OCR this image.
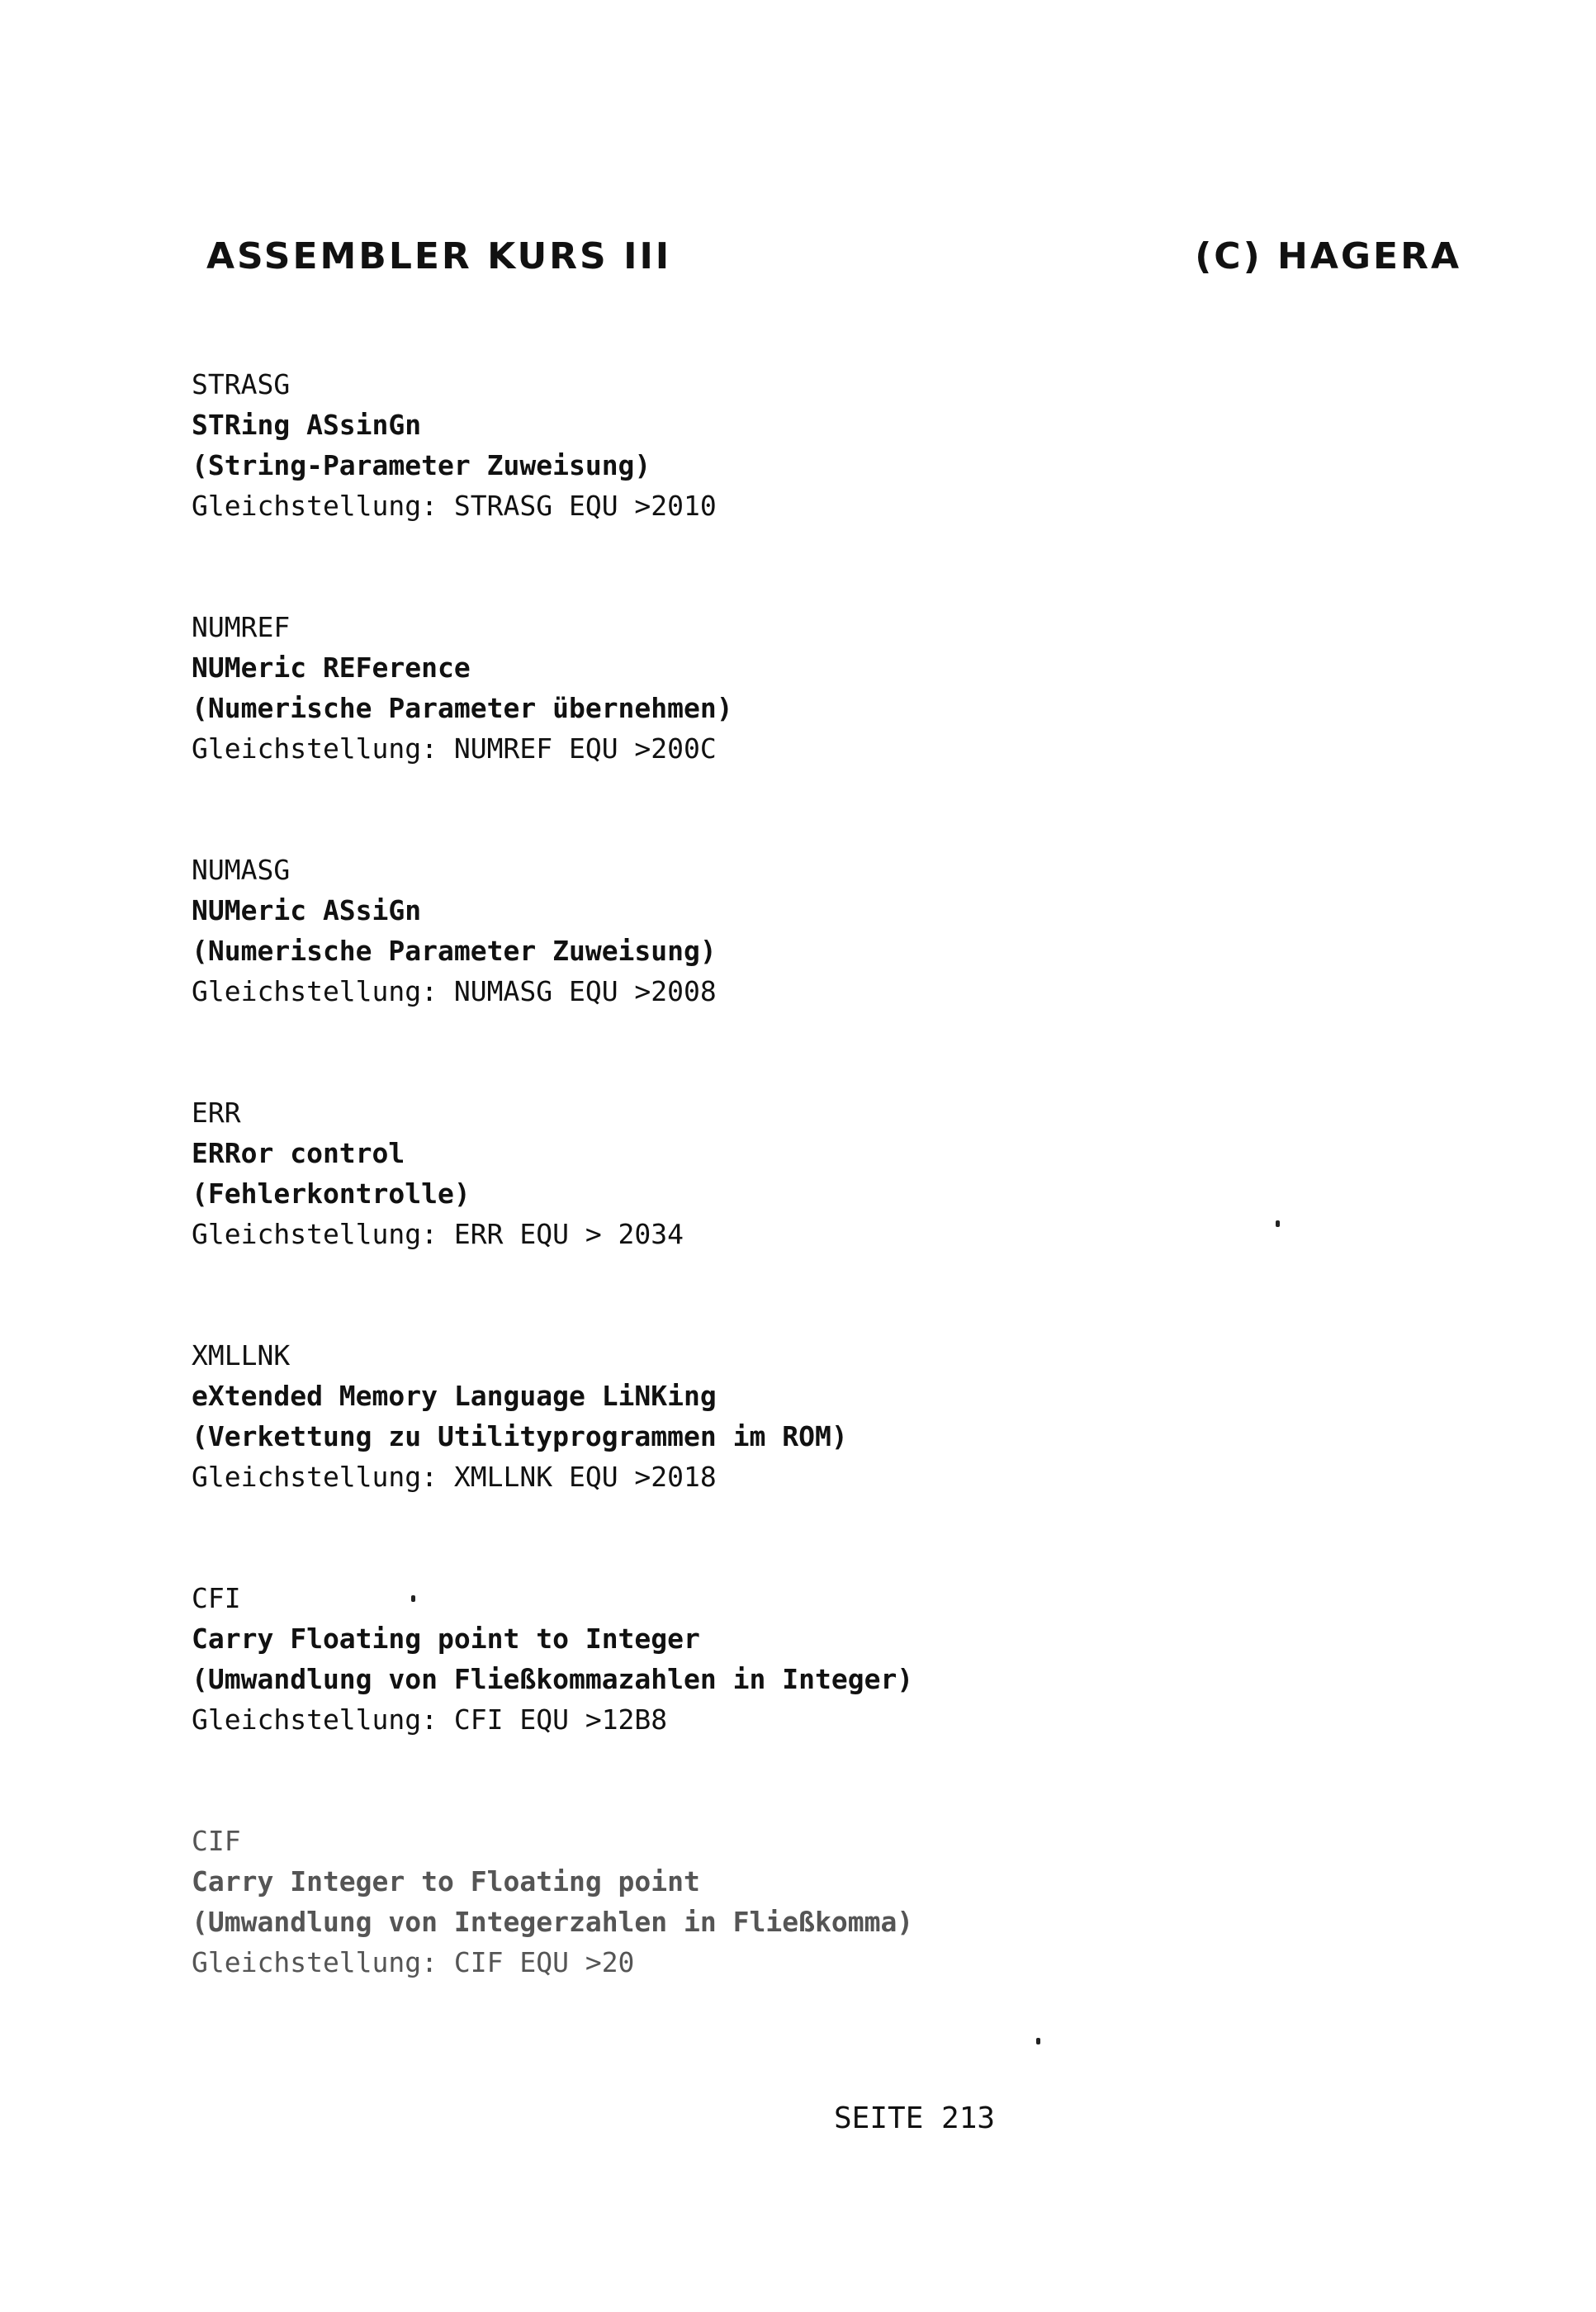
ASSEMBLER KURS III	(C) HAGERA
STRASG
STRing ASsinGn
(String-Parameter Zuweisung)
Gleichstellung: STRASG EQU >2010
NUMREF
NUMeric REFerence
(Numerische Parameter übernehmen)
Gleichstellung: NUMREF EQU >200C
NUMASG
NUMeric ASsiGn
(Numerische Parameter Zuweisung)
Gleichstellung: NUMASG EQU >2008
ERR
ERRor control
(Fehlerkontrolle)
Gleichstellung: ERR EQU > 2034
XMLLNK
eXtended Memory Language LiNKing
(Verkettung zu Utilityprogrammen im ROM)
Gleichstellung: XMLLNK EQU >2018
CFI
Carry Floating point to Integer
(Umwandlung von Fließkommazahlen in Integer)
Gleichstellung: CFI EQU >12B8
CIF
Carry Integer to Floating point
(Umwandlung von Integerzahlen in Fließkomma)
Gleichstellung: CIF EQU >20
SEITE 213
